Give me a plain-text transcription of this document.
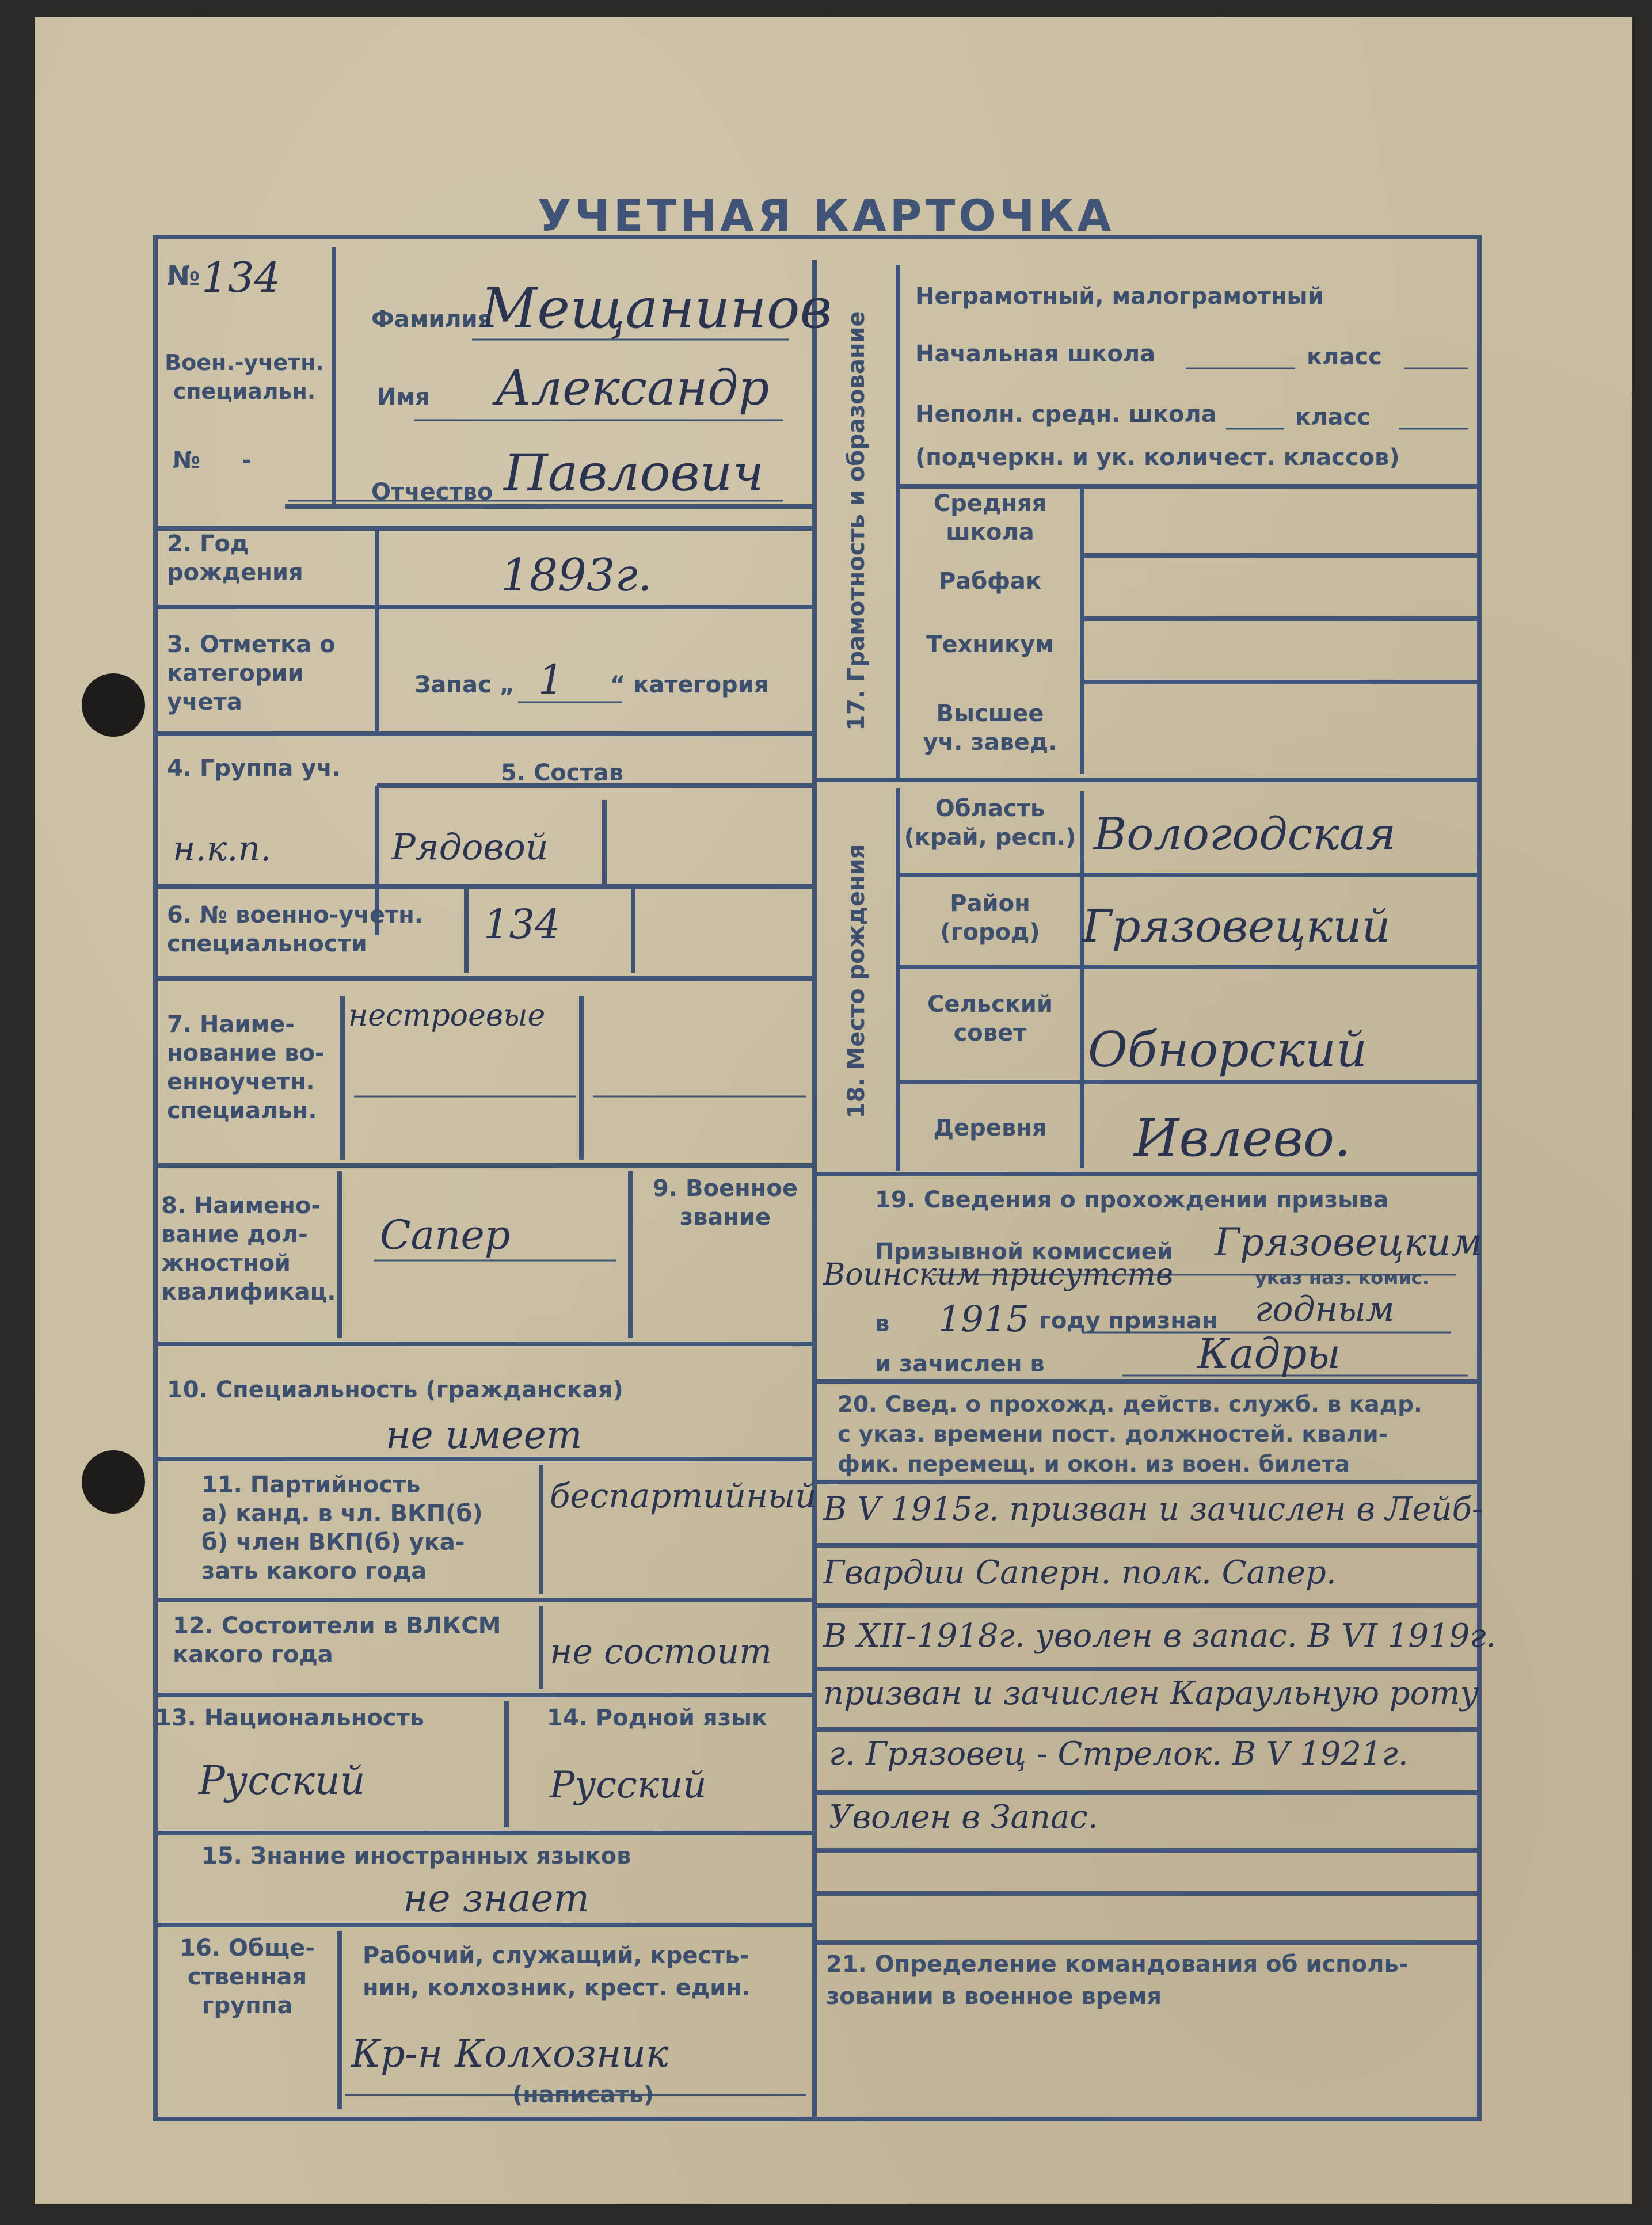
УЧЕТНАЯ КАРТОЧКА
№ 134
Воен.-учетн.
специальн.
№ -
Фамилия
Мещанинов
Имя Александр
Отчество Павлович
2. Год
рождения	1893г.
3. Отметка о
категории
учета
Запас „ 1 “ категория
4. Группа уч.
н.к.п.
5. Состав
Рядовой
6. № военно-учетн.
специальности	134
7. Наиме-
нование во-
енноучетн.
специальн.
нестроевые
8. Наимено-
вание дол-
жностной
квалификац.
Сапер
9. Военное
звание
10. Специальность (гражданская)
не имеет
11. Партийность
а) канд. в чл. ВКП(б)
б) член ВКП(б) ука-
зать какого года
беспартийный
12. Состоители в ВЛКСМ
какого года	не состоит
13. Национальность
Русский
14. Родной язык
Русский
15. Знание иностранных языков
не знает
16. Обще-
ственная
группа
Рабочий, служащий, кресть-
нин, колхозник, крест. един.
Кр-н Колхозник
(написать)
17. Грамотность и образование
Неграмотный, малограмотный
Начальная школа	класс
Неполн. средн. школа	класс
(подчеркн. и ук. количест. классов)
Средняя
школа
Рабфак
Техникум
Высшее
уч. завед.
18. Место рождения
Область
(край, респ.) Вологодская
Район
(город) Грязовецкий
Сельский
совет	Обнорский
Деревня	Ивлево.
19. Сведения о прохождении призыва
Призывной комиссией Грязовецким
Воинским присутств	указ наз. комис.
в 1915 году признан годным
и зачислен в	Кадры
20. Свед. о прохожд. действ. служб. в кадр.
с указ. времени пост. должностей. квали-
фик. перемещ. и окон. из воен. билета
В V 1915г. призван и зачислен в Лейб-
Гвардии Саперн. полк. Сапер.
В XII-1918г. уволен в запас. В VI 1919г.
призван и зачислен Караульную роту
г. Грязовец - Стрелок. В V 1921г.
Уволен в Запас.
21. Определение командования об исполь-
зовании в военное время
